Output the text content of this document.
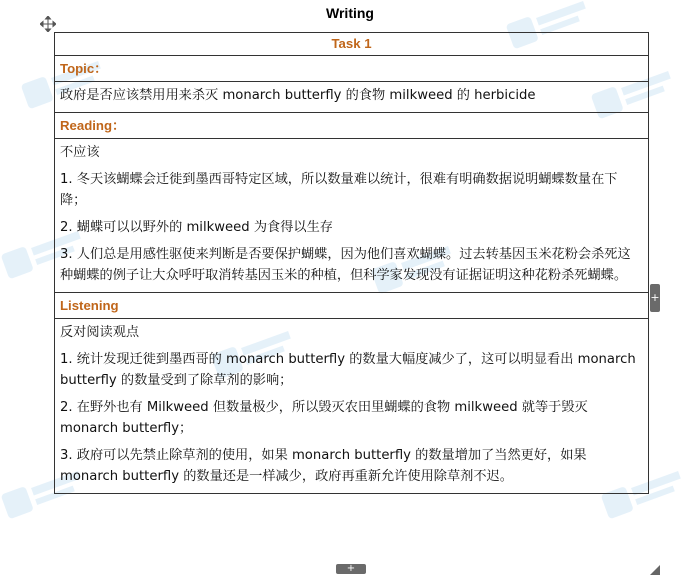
Writing
Task 1
Topic：

政府是否应该禁用用来杀灭 monarch butterfly 的食物 milkweed 的 herbicide

Reading：

不应该

1. 冬天该蝴蝶会迁徙到墨西哥特定区域，所以数量难以统计，很难有明确数据说明蝴蝶数量在下降；

2. 蝴蝶可以以野外的 milkweed 为食得以生存

3. 人们总是用感性驱使来判断是否要保护蝴蝶，因为他们喜欢蝴蝶。过去转基因玉米花粉会杀死这种蝴蝶的例子让大众呼吁取消转基因玉米的种植，但科学家发现没有证据证明这种花粉杀死蝴蝶。

Listening

反对阅读观点

1. 统计发现迁徙到墨西哥的 monarch butterfly 的数量大幅度减少了，这可以明显看出 monarch butterfly 的数量受到了除草剂的影响；

2. 在野外也有 Milkweed 但数量极少，所以毁灭农田里蝴蝶的食物 milkweed 就等于毁灭 monarch butterfly；

3. 政府可以先禁止除草剂的使用，如果 monarch butterfly 的数量增加了当然更好，如果 monarch butterfly 的数量还是一样减少，政府再重新允许使用除草剂不迟。

+
+
